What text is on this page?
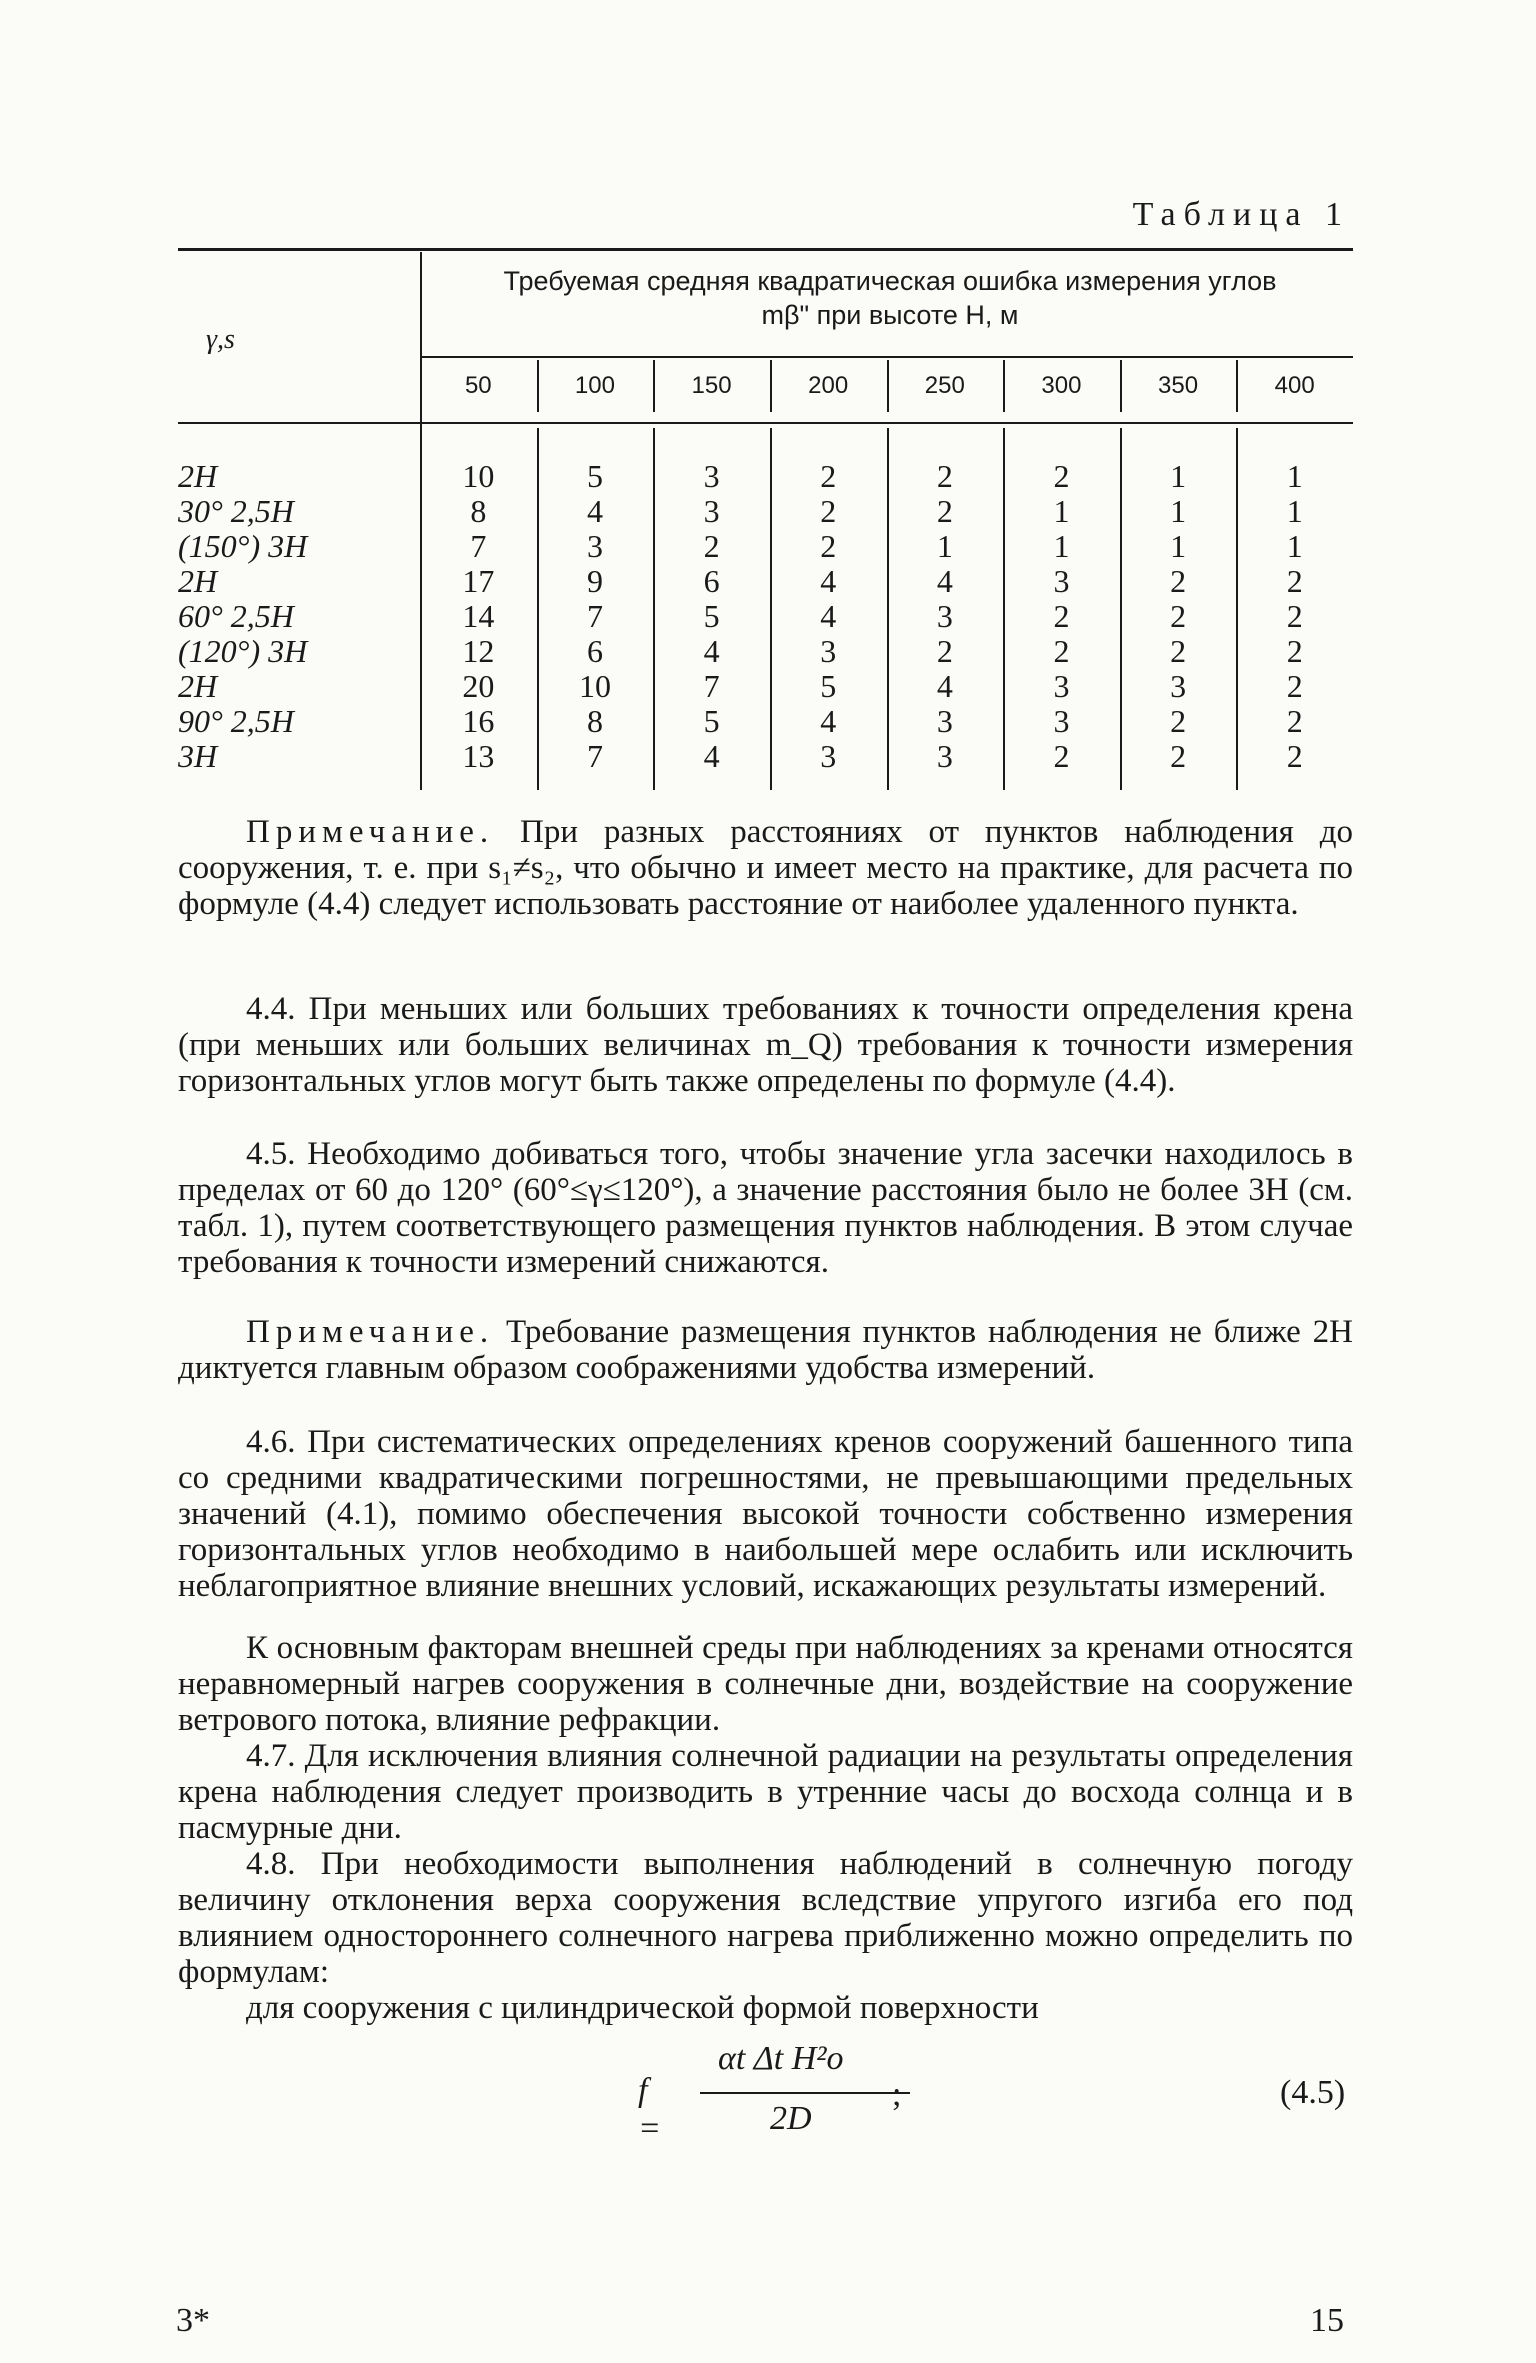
Таблица 1
Требуемая средняя квадратическая ошибка измерения углов
mβ" при высоте H, м
γ,s
50	100	150	200	250	300	350	400
2H	10	5	3	2	2	2	1	1
30° 2,5H	8	4	3	2	2	1	1	1
(150°) 3H	7	3	2	2	1	1	1	1
2H	17	9	6	4	4	3	2	2
60° 2,5H	14	7	5	4	3	2	2	2
(120°) 3H	12	6	4	3	2	2	2	2
2H	20	10	7	5	4	3	3	2
90° 2,5H	16	8	5	4	3	3	2	2
3H	13	7	4	3	3	2	2	2

Примечание. При разных расстояниях от пунктов наблюдения до сооружения, т. е. при s₁≠s₂, что обычно и имеет место на практике, для расчета по формуле (4.4) следует использовать расстояние от наиболее удаленного пункта.

4.4. При меньших или больших требованиях к точности определения крена (при меньших или больших величинах m_Q) требования к точности измерения горизонтальных углов могут быть также определены по формуле (4.4).

4.5. Необходимо добиваться того, чтобы значение угла засечки находилось в пределах от 60 до 120° (60°≤γ≤120°), а значение расстояния было не более 3H (см. табл. 1), путем соответствующего размещения пунктов наблюдения. В этом случае требования к точности измерений снижаются.

Примечание. Требование размещения пунктов наблюдения не ближе 2H диктуется главным образом соображениями удобства измерений.

4.6. При систематических определениях кренов сооружений башенного типа со средними квадратическими погрешностями, не превышающими предельных значений (4.1), помимо обеспечения высокой точности собственно измерения горизонтальных углов необходимо в наибольшей мере ослабить или исключить неблагоприятное влияние внешних условий, искажающих результаты измерений.

К основным факторам внешней среды при наблюдениях за кренами относятся неравномерный нагрев сооружения в солнечные дни, воздействие на сооружение ветрового потока, влияние рефракции.

4.7. Для исключения влияния солнечной радиации на результаты определения крена наблюдения следует производить в утренние часы до восхода солнца и в пасмурные дни.

4.8. При необходимости выполнения наблюдений в солнечную погоду величину отклонения верха сооружения вследствие упругого изгиба его под влиянием одностороннего солнечного нагрева приближенно можно определить по формулам:

для сооружения с цилиндрической формой поверхности

f =
αt Δt H²o
2D
;	(4.5)
3*	15
